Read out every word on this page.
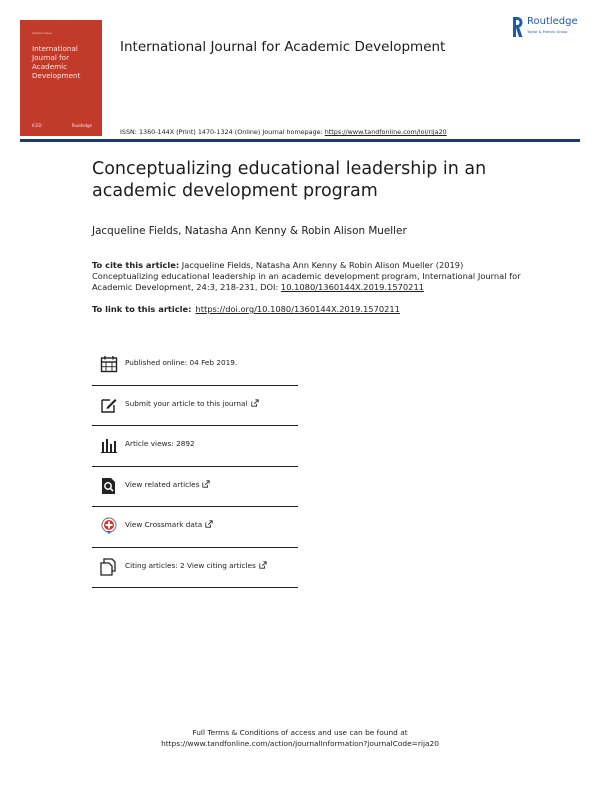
Volume Issue
International
Journal for
Academic
Development
ICED	Routledge
International Journal for Academic Development
Routledge
Taylor & Francis Group
ISSN: 1360-144X (Print) 1470-1324 (Online) Journal homepage: https://www.tandfonline.com/loi/rija20
Conceptualizing educational leadership in an academic development program
Jacqueline Fields, Natasha Ann Kenny & Robin Alison Mueller
To cite this article: Jacqueline Fields, Natasha Ann Kenny & Robin Alison Mueller (2019) Conceptualizing educational leadership in an academic development program, International Journal for Academic Development, 24:3, 218-231, DOI: 10.1080/1360144X.2019.1570211
To link to this article: https://doi.org/10.1080/1360144X.2019.1570211
Published online: 04 Feb 2019.
Submit your article to this journal
Article views: 2892
View related articles
View Crossmark data
Citing articles: 2 View citing articles
Full Terms & Conditions of access and use can be found at
https://www.tandfonline.com/action/journalInformation?journalCode=rija20
